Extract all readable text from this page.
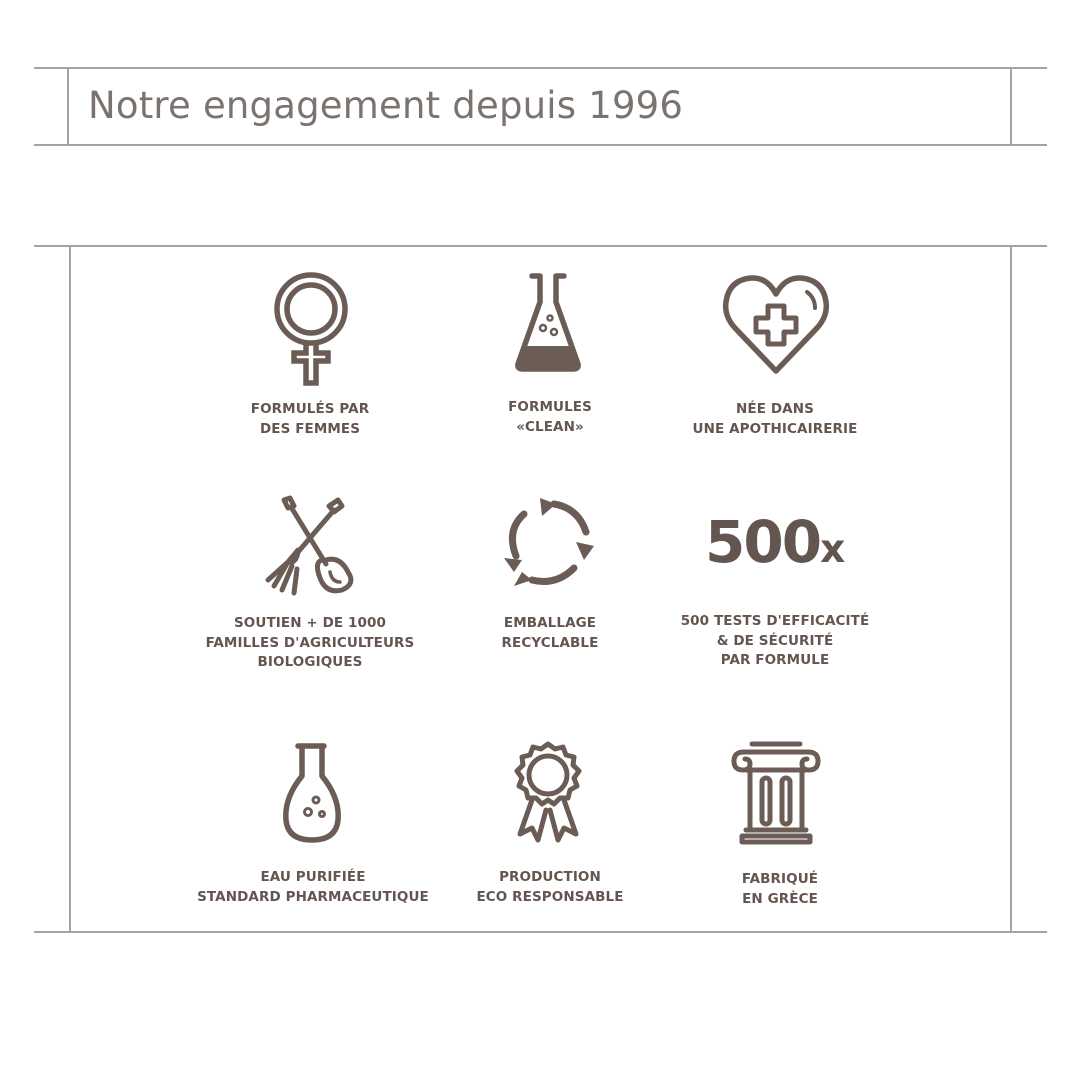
Notre engagement depuis 1996
FORMULÉS PAR
DES FEMMES
FORMULES
«CLEAN»
NÉE DANS
UNE APOTHICAIRERIE
500x
SOUTIEN + DE 1000
FAMILLES D'AGRICULTEURS
BIOLOGIQUES
EMBALLAGE
RECYCLABLE
500 TESTS D'EFFICACITÉ
& DE SÉCURITÉ
PAR FORMULE
EAU PURIFIÉE
STANDARD PHARMACEUTIQUE
PRODUCTION
ECO RESPONSABLE
FABRIQUÉ
EN GRÈCE
